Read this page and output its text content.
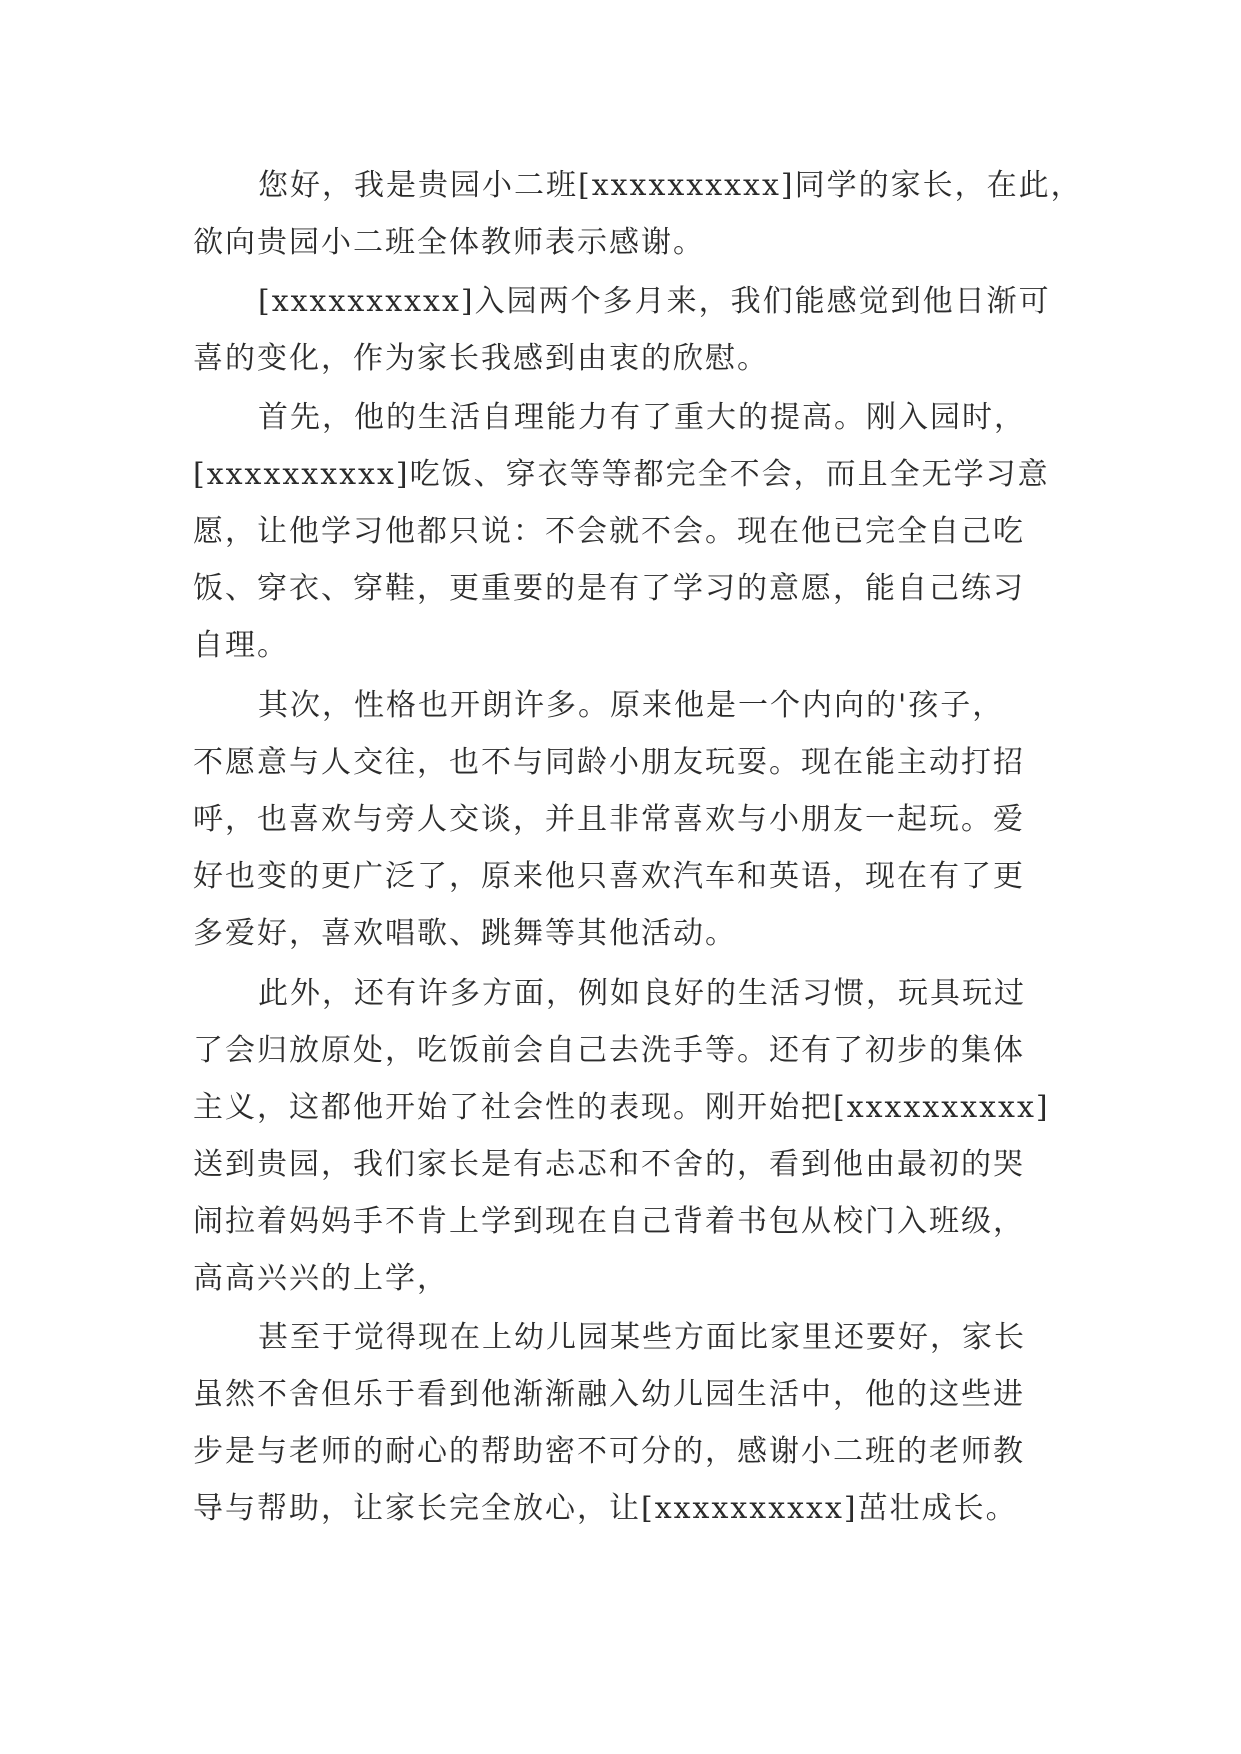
您好，我是贵园小二班[xxxxxxxxxx]同学的家长，在此，

欲向贵园小二班全体教师表示感谢。

[xxxxxxxxxx]入园两个多月来，我们能感觉到他日渐可

喜的变化，作为家长我感到由衷的欣慰。

首先，他的生活自理能力有了重大的提高。刚入园时，

[xxxxxxxxxx]吃饭、穿衣等等都完全不会，而且全无学习意

愿，让他学习他都只说：不会就不会。现在他已完全自己吃

饭、穿衣、穿鞋，更重要的是有了学习的意愿，能自己练习

自理。

其次，性格也开朗许多。原来他是一个内向的'孩子，

不愿意与人交往，也不与同龄小朋友玩耍。现在能主动打招

呼，也喜欢与旁人交谈，并且非常喜欢与小朋友一起玩。爱

好也变的更广泛了，原来他只喜欢汽车和英语，现在有了更

多爱好，喜欢唱歌、跳舞等其他活动。

此外，还有许多方面，例如良好的生活习惯，玩具玩过

了会归放原处，吃饭前会自己去洗手等。还有了初步的集体

主义，这都他开始了社会性的表现。刚开始把[xxxxxxxxxx]

送到贵园，我们家长是有忐忑和不舍的，看到他由最初的哭

闹拉着妈妈手不肯上学到现在自己背着书包从校门入班级，

高高兴兴的上学，

甚至于觉得现在上幼儿园某些方面比家里还要好，家长

虽然不舍但乐于看到他渐渐融入幼儿园生活中，他的这些进

步是与老师的耐心的帮助密不可分的，感谢小二班的老师教

导与帮助，让家长完全放心，让[xxxxxxxxxx]茁壮成长。
